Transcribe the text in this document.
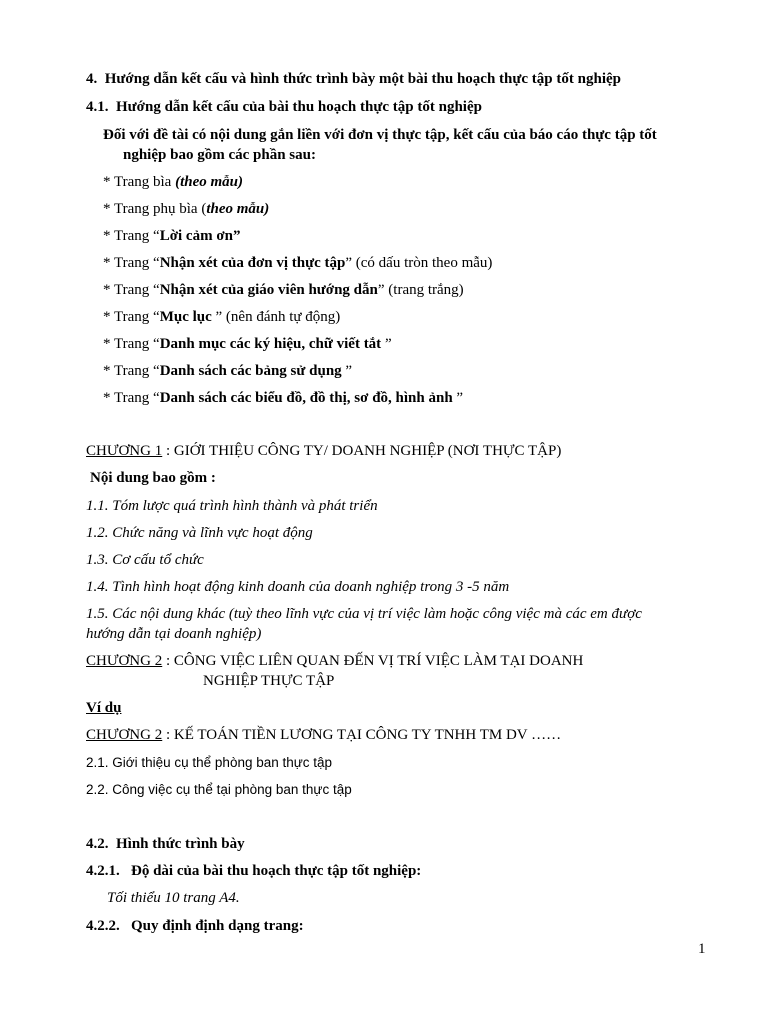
4. Hướng dẫn kết cấu và hình thức trình bày một bài thu hoạch thực tập tốt nghiệp
4.1. Hướng dẫn kết cấu của bài thu hoạch thực tập tốt nghiệp
Đối với đề tài có nội dung gắn liền với đơn vị thực tập, kết cấu của báo cáo thực tập tốt
nghiệp bao gồm các phần sau:
* Trang bìa (theo mẫu)
* Trang phụ bìa (theo mẫu)
* Trang “Lời cảm ơn”
* Trang “Nhận xét của đơn vị thực tập” (có dấu tròn theo mẫu)
* Trang “Nhận xét của giáo viên hướng dẫn” (trang trắng)
* Trang “Mục lục ” (nên đánh tự động)
* Trang “Danh mục các ký hiệu, chữ viết tắt ”
* Trang “Danh sách các bảng sử dụng ”
* Trang “Danh sách các biểu đồ, đồ thị, sơ đồ, hình ảnh ”
CHƯƠNG 1 : GIỚI THIỆU CÔNG TY/ DOANH NGHIỆP (NƠI THỰC TẬP)
Nội dung bao gồm :
1.1. Tóm lược quá trình hình thành và phát triển
1.2. Chức năng và lĩnh vực hoạt động
1.3. Cơ cấu tổ chức
1.4. Tình hình hoạt động kinh doanh của doanh nghiệp trong 3 -5 năm
1.5. Các nội dung khác (tuỳ theo lĩnh vực của vị trí việc làm hoặc công việc mà các em được
hướng dẫn tại doanh nghiệp)
CHƯƠNG 2 : CÔNG VIỆC LIÊN QUAN ĐẾN VỊ TRÍ VIỆC LÀM TẠI DOANH
NGHIỆP THỰC TẬP
Ví dụ
CHƯƠNG 2 : KẾ TOÁN TIỀN LƯƠNG TẠI CÔNG TY TNHH TM DV ……
2.1. Giới thiệu cụ thể phòng ban thực tập
2.2. Công việc cụ thể tại phòng ban thực tập
4.2. Hình thức trình bày
4.2.1. Độ dài của bài thu hoạch thực tập tốt nghiệp:
Tối thiểu 10 trang A4.
4.2.2. Quy định định dạng trang:
1
